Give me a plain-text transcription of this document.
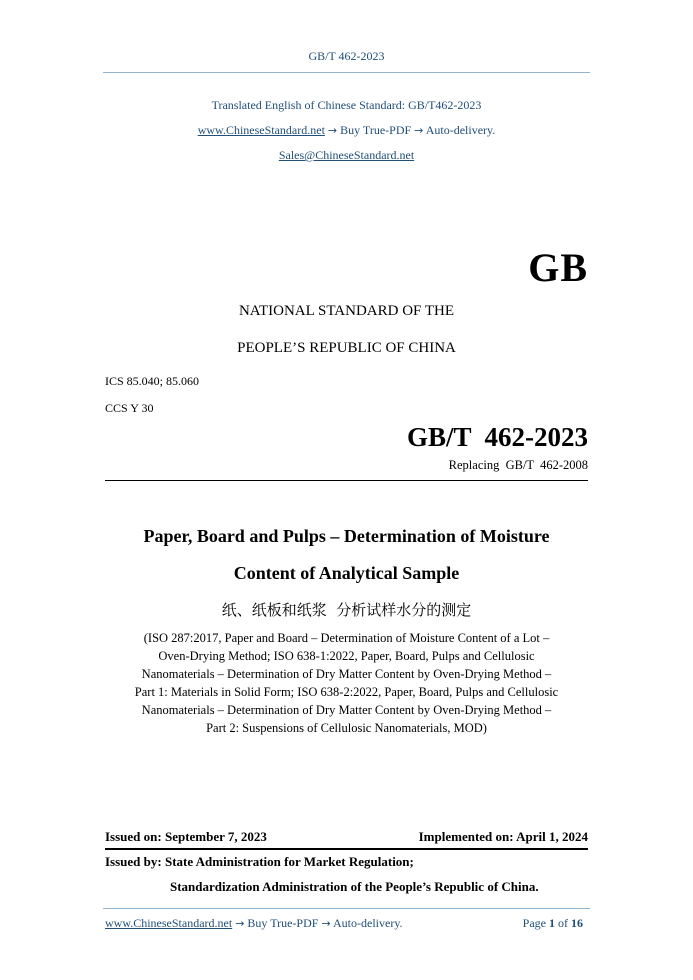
GB/T 462-2023
Translated English of Chinese Standard: GB/T462-2023
www.ChineseStandard.net → Buy True-PDF → Auto-delivery.
Sales@ChineseStandard.net
GB
NATIONAL STANDARD OF THE
PEOPLE’S REPUBLIC OF CHINA
ICS 85.040; 85.060
CCS Y 30
GB/T  462-2023
Replacing  GB/T  462-2008
Paper, Board and Pulps – Determination of Moisture
Content of Analytical Sample
纸、纸板和纸浆  分析试样水分的测定
(ISO 287:2017, Paper and Board – Determination of Moisture Content of a Lot –
Oven-Drying Method; ISO 638-1:2022, Paper, Board, Pulps and Cellulosic
Nanomaterials – Determination of Dry Matter Content by Oven-Drying Method –
Part 1: Materials in Solid Form; ISO 638-2:2022, Paper, Board, Pulps and Cellulosic
Nanomaterials – Determination of Dry Matter Content by Oven-Drying Method –
Part 2: Suspensions of Cellulosic Nanomaterials, MOD)
Issued on: September 7, 2023	Implemented on: April 1, 2024
Issued by: State Administration for Market Regulation;
Standardization Administration of the People’s Republic of China.
www.ChineseStandard.net → Buy True-PDF → Auto-delivery.	Page 1 of 16
